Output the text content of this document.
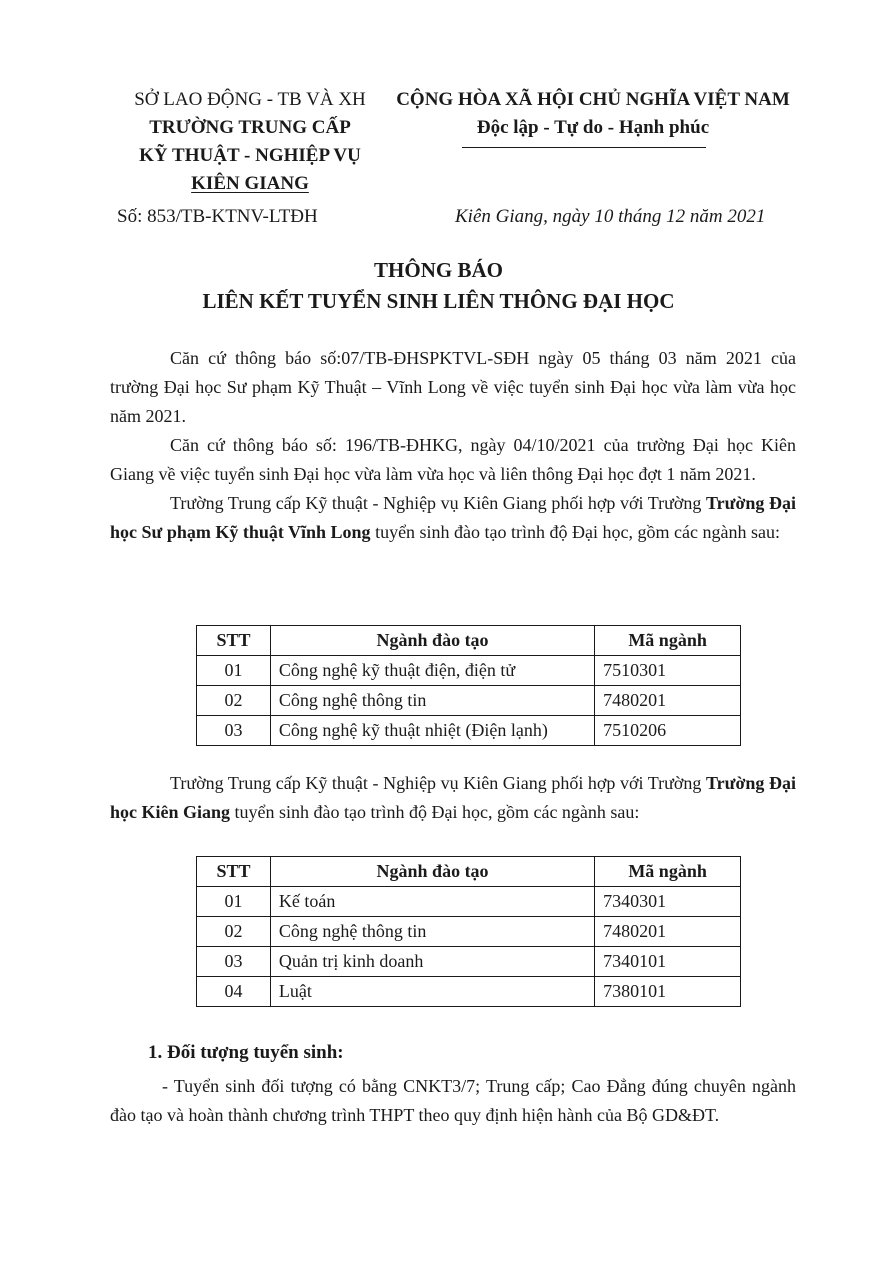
SỞ LAO ĐỘNG - TB VÀ XH
TRƯỜNG TRUNG CẤP
KỸ THUẬT - NGHIỆP VỤ
KIÊN GIANG
CỘNG HÒA XÃ HỘI CHỦ NGHĨA VIỆT NAM
Độc lập - Tự do - Hạnh phúc
Số: 853/TB-KTNV-LTĐH	Kiên Giang, ngày 10 tháng 12 năm 2021
THÔNG BÁO
LIÊN KẾT TUYỂN SINH LIÊN THÔNG ĐẠI HỌC

Căn cứ thông báo số:07/TB-ĐHSPKTVL-SĐH ngày 05 tháng 03 năm 2021 của trường Đại học Sư phạm Kỹ Thuật – Vĩnh Long về việc tuyển sinh Đại học vừa làm vừa học năm 2021.

Căn cứ thông báo số: 196/TB-ĐHKG, ngày 04/10/2021 của trường Đại học Kiên Giang về việc tuyển sinh Đại học vừa làm vừa học và liên thông Đại học đợt 1 năm 2021.

Trường Trung cấp Kỹ thuật - Nghiệp vụ Kiên Giang phối hợp với Trường Trường Đại học Sư phạm Kỹ thuật Vĩnh Long tuyển sinh đào tạo trình độ Đại học, gồm các ngành sau:

STT	Ngành đào tạo	Mã ngành
01	Công nghệ kỹ thuật điện, điện tử	7510301
02	Công nghệ thông tin	7480201
03	Công nghệ kỹ thuật nhiệt (Điện lạnh)	7510206

Trường Trung cấp Kỹ thuật - Nghiệp vụ Kiên Giang phối hợp với Trường Trường Đại học Kiên Giang tuyển sinh đào tạo trình độ Đại học, gồm các ngành sau:

STT	Ngành đào tạo	Mã ngành
01	Kế toán	7340301
02	Công nghệ thông tin	7480201
03	Quản trị kinh doanh	7340101
04	Luật	7380101
1. Đối tượng tuyển sinh:

- Tuyển sinh đối tượng có bằng CNKT3/7; Trung cấp; Cao Đẳng đúng chuyên ngành đào tạo và hoàn thành chương trình THPT theo quy định hiện hành của Bộ GD&ĐT.
